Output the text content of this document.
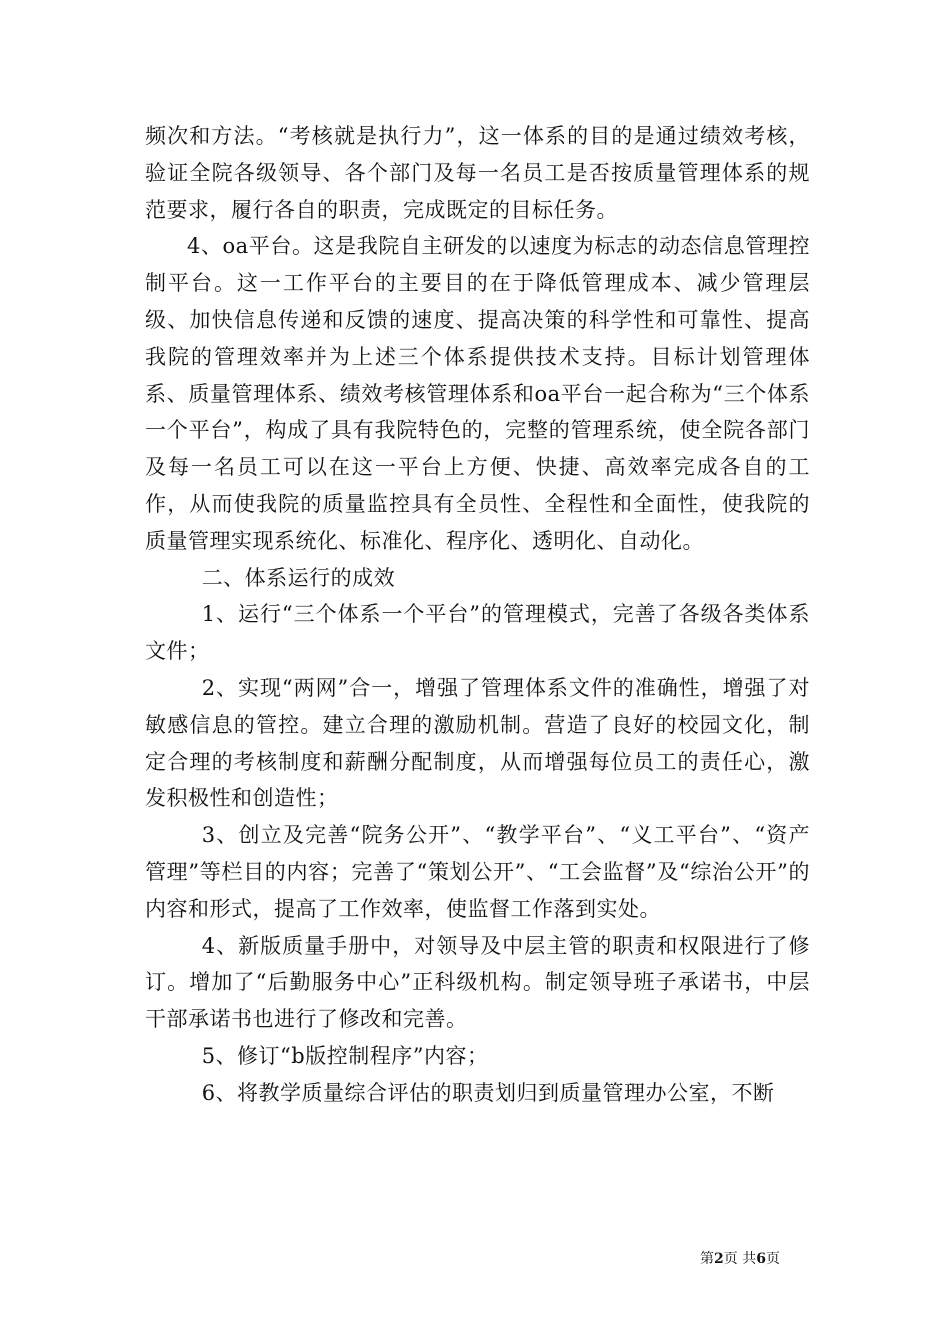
频次和方法。“考核就是执行力”，这一体系的目的是通过绩效考核，验证全院各级领导、各个部门及每一名员工是否按质量管理体系的规范要求，履行各自的职责，完成既定的目标任务。

4、oa平台。这是我院自主研发的以速度为标志的动态信息管理控制平台。这一工作平台的主要目的在于降低管理成本、减少管理层级、加快信息传递和反馈的速度、提高决策的科学性和可靠性、提高我院的管理效率并为上述三个体系提供技术支持。目标计划管理体系、质量管理体系、绩效考核管理体系和oa平台一起合称为“三个体系一个平台”，构成了具有我院特色的，完整的管理系统，使全院各部门及每一名员工可以在这一平台上方便、快捷、高效率完成各自的工作，从而使我院的质量监控具有全员性、全程性和全面性，使我院的质量管理实现系统化、标准化、程序化、透明化、自动化。

二、体系运行的成效

1、运行“三个体系一个平台”的管理模式，完善了各级各类体系文件；

2、实现“两网”合一，增强了管理体系文件的准确性，增强了对敏感信息的管控。建立合理的激励机制。营造了良好的校园文化，制定合理的考核制度和薪酬分配制度，从而增强每位员工的责任心，激发积极性和创造性；

3、创立及完善“院务公开”、“教学平台”、“义工平台”、“资产管理”等栏目的内容；完善了“策划公开”、“工会监督”及“综治公开”的内容和形式，提高了工作效率，使监督工作落到实处。

4、新版质量手册中，对领导及中层主管的职责和权限进行了修订。增加了“后勤服务中心”正科级机构。制定领导班子承诺书，中层干部承诺书也进行了修改和完善。

5、修订“b版控制程序”内容；

6、将教学质量综合评估的职责划归到质量管理办公室，不断

第2页 共6页
